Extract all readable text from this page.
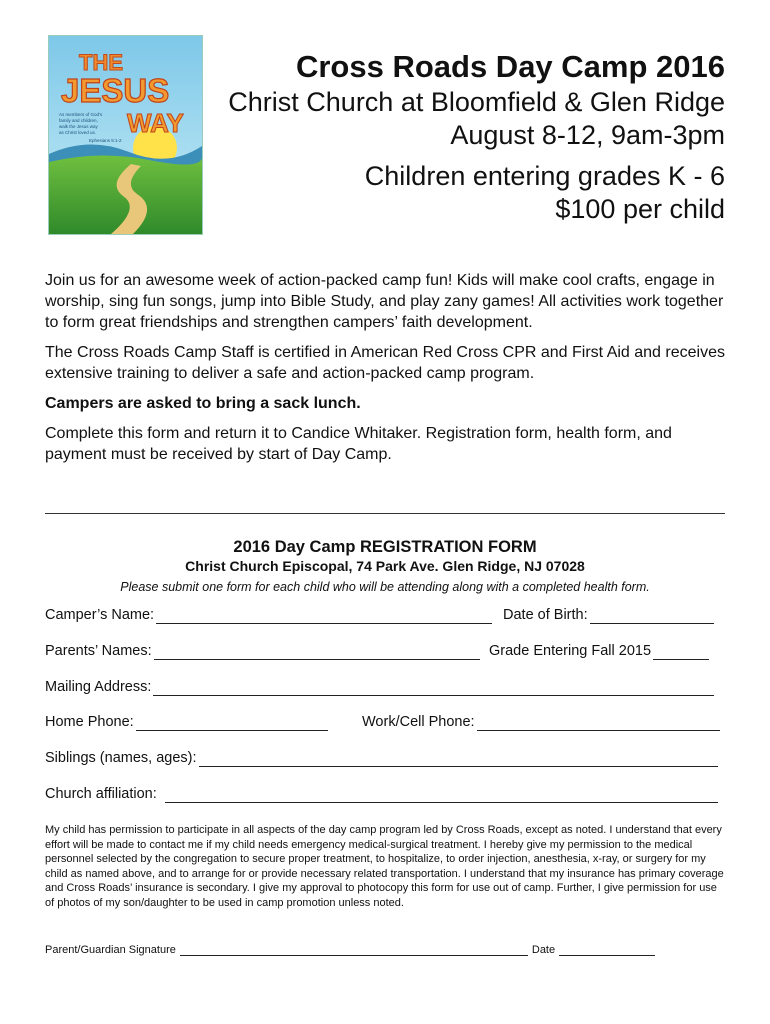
THE
JESUS
WAY
As members of God's
family and children,
walk the Jesus way
as Christ loved us.
Ephesians 5:1-2
Cross Roads Day Camp 2016
Christ Church at Bloomfield & Glen Ridge
August 8-12, 9am-3pm
Children entering grades K - 6
$100 per child

Join us for an awesome week of action-packed camp fun! Kids will make cool crafts, engage in worship, sing fun songs, jump into Bible Study, and play zany games! All activities work together to form great friendships and strengthen campers’ faith development.

The Cross Roads Camp Staff is certified in American Red Cross CPR and First Aid and receives extensive training to deliver a safe and action-packed camp program.

Campers are asked to bring a sack lunch.

Complete this form and return it to Candice Whitaker. Registration form, health form, and payment must be received by start of Day Camp.

2016 Day Camp REGISTRATION FORM
Christ Church Episcopal, 74 Park Ave. Glen Ridge, NJ 07028
Please submit one form for each child who will be attending along with a completed health form.
Camper’s Name:	Date of Birth:
Parents’ Names:	Grade Entering Fall 2015
Mailing Address:
Home Phone:	Work/Cell Phone:
Siblings (names, ages):
Church affiliation:
My child has permission to participate in all aspects of the day camp program led by Cross Roads, except as noted. I understand that every effort will be made to contact me if my child needs emergency medical-surgical treatment. I hereby give my permission to the medical personnel selected by the congregation to secure proper treatment, to hospitalize, to order injection, anesthesia, x-ray, or surgery for my child as named above, and to arrange for or provide necessary related transportation. I understand that my insurance has primary coverage and Cross Roads’ insurance is secondary. I give my approval to photocopy this form for use out of camp. Further, I give permission for use of photos of my son/daughter to be used in camp promotion unless noted.
Parent/Guardian Signature	Date
